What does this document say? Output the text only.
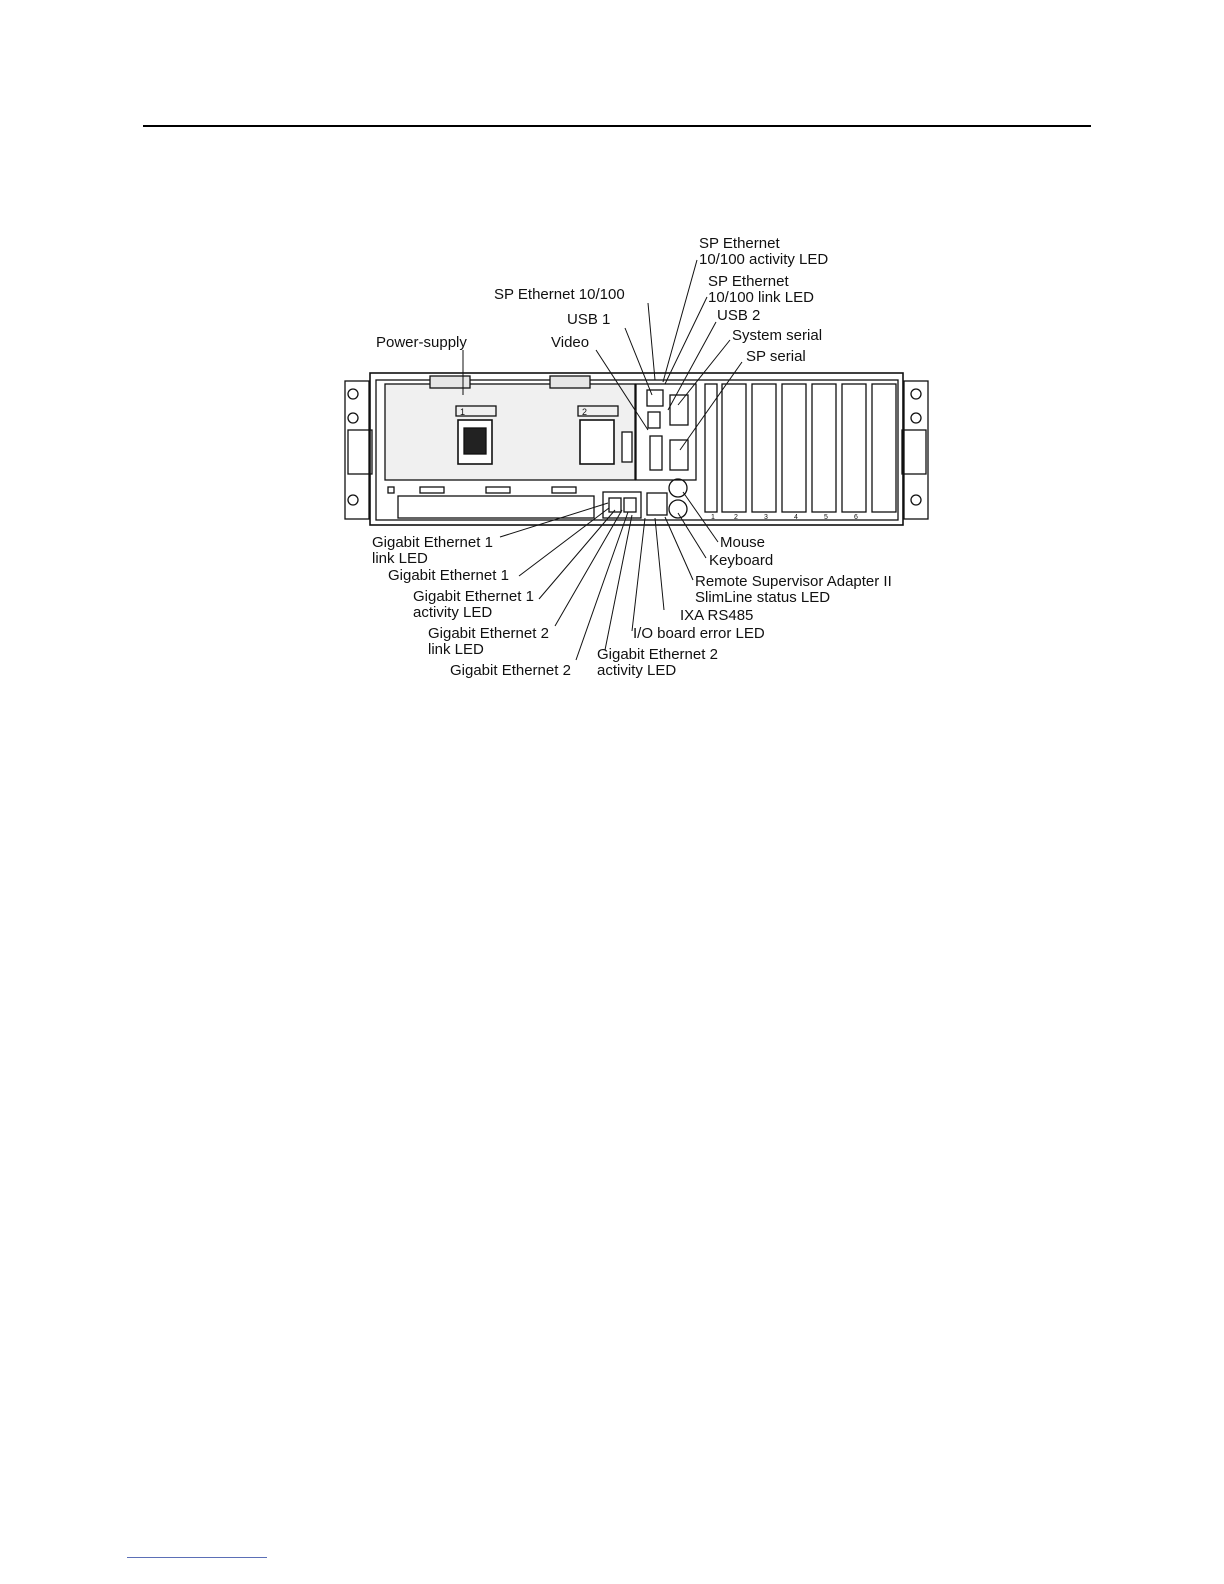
1	2
1	2	3	4	5	6
SP Ethernet
10/100 activity LED
SP Ethernet
10/100 link LED
SP Ethernet 10/100
USB 2
USB 1
System serial
Power-supply	Video
SP serial
Gigabit Ethernet 1
link LED
Mouse
Keyboard
Gigabit Ethernet 1	Remote Supervisor Adapter II
SlimLine status LED
Gigabit Ethernet 1
activity LED	IXA RS485
Gigabit Ethernet 2
link LED
I/O board error LED
Gigabit Ethernet 2
activity LED
Gigabit Ethernet 2
